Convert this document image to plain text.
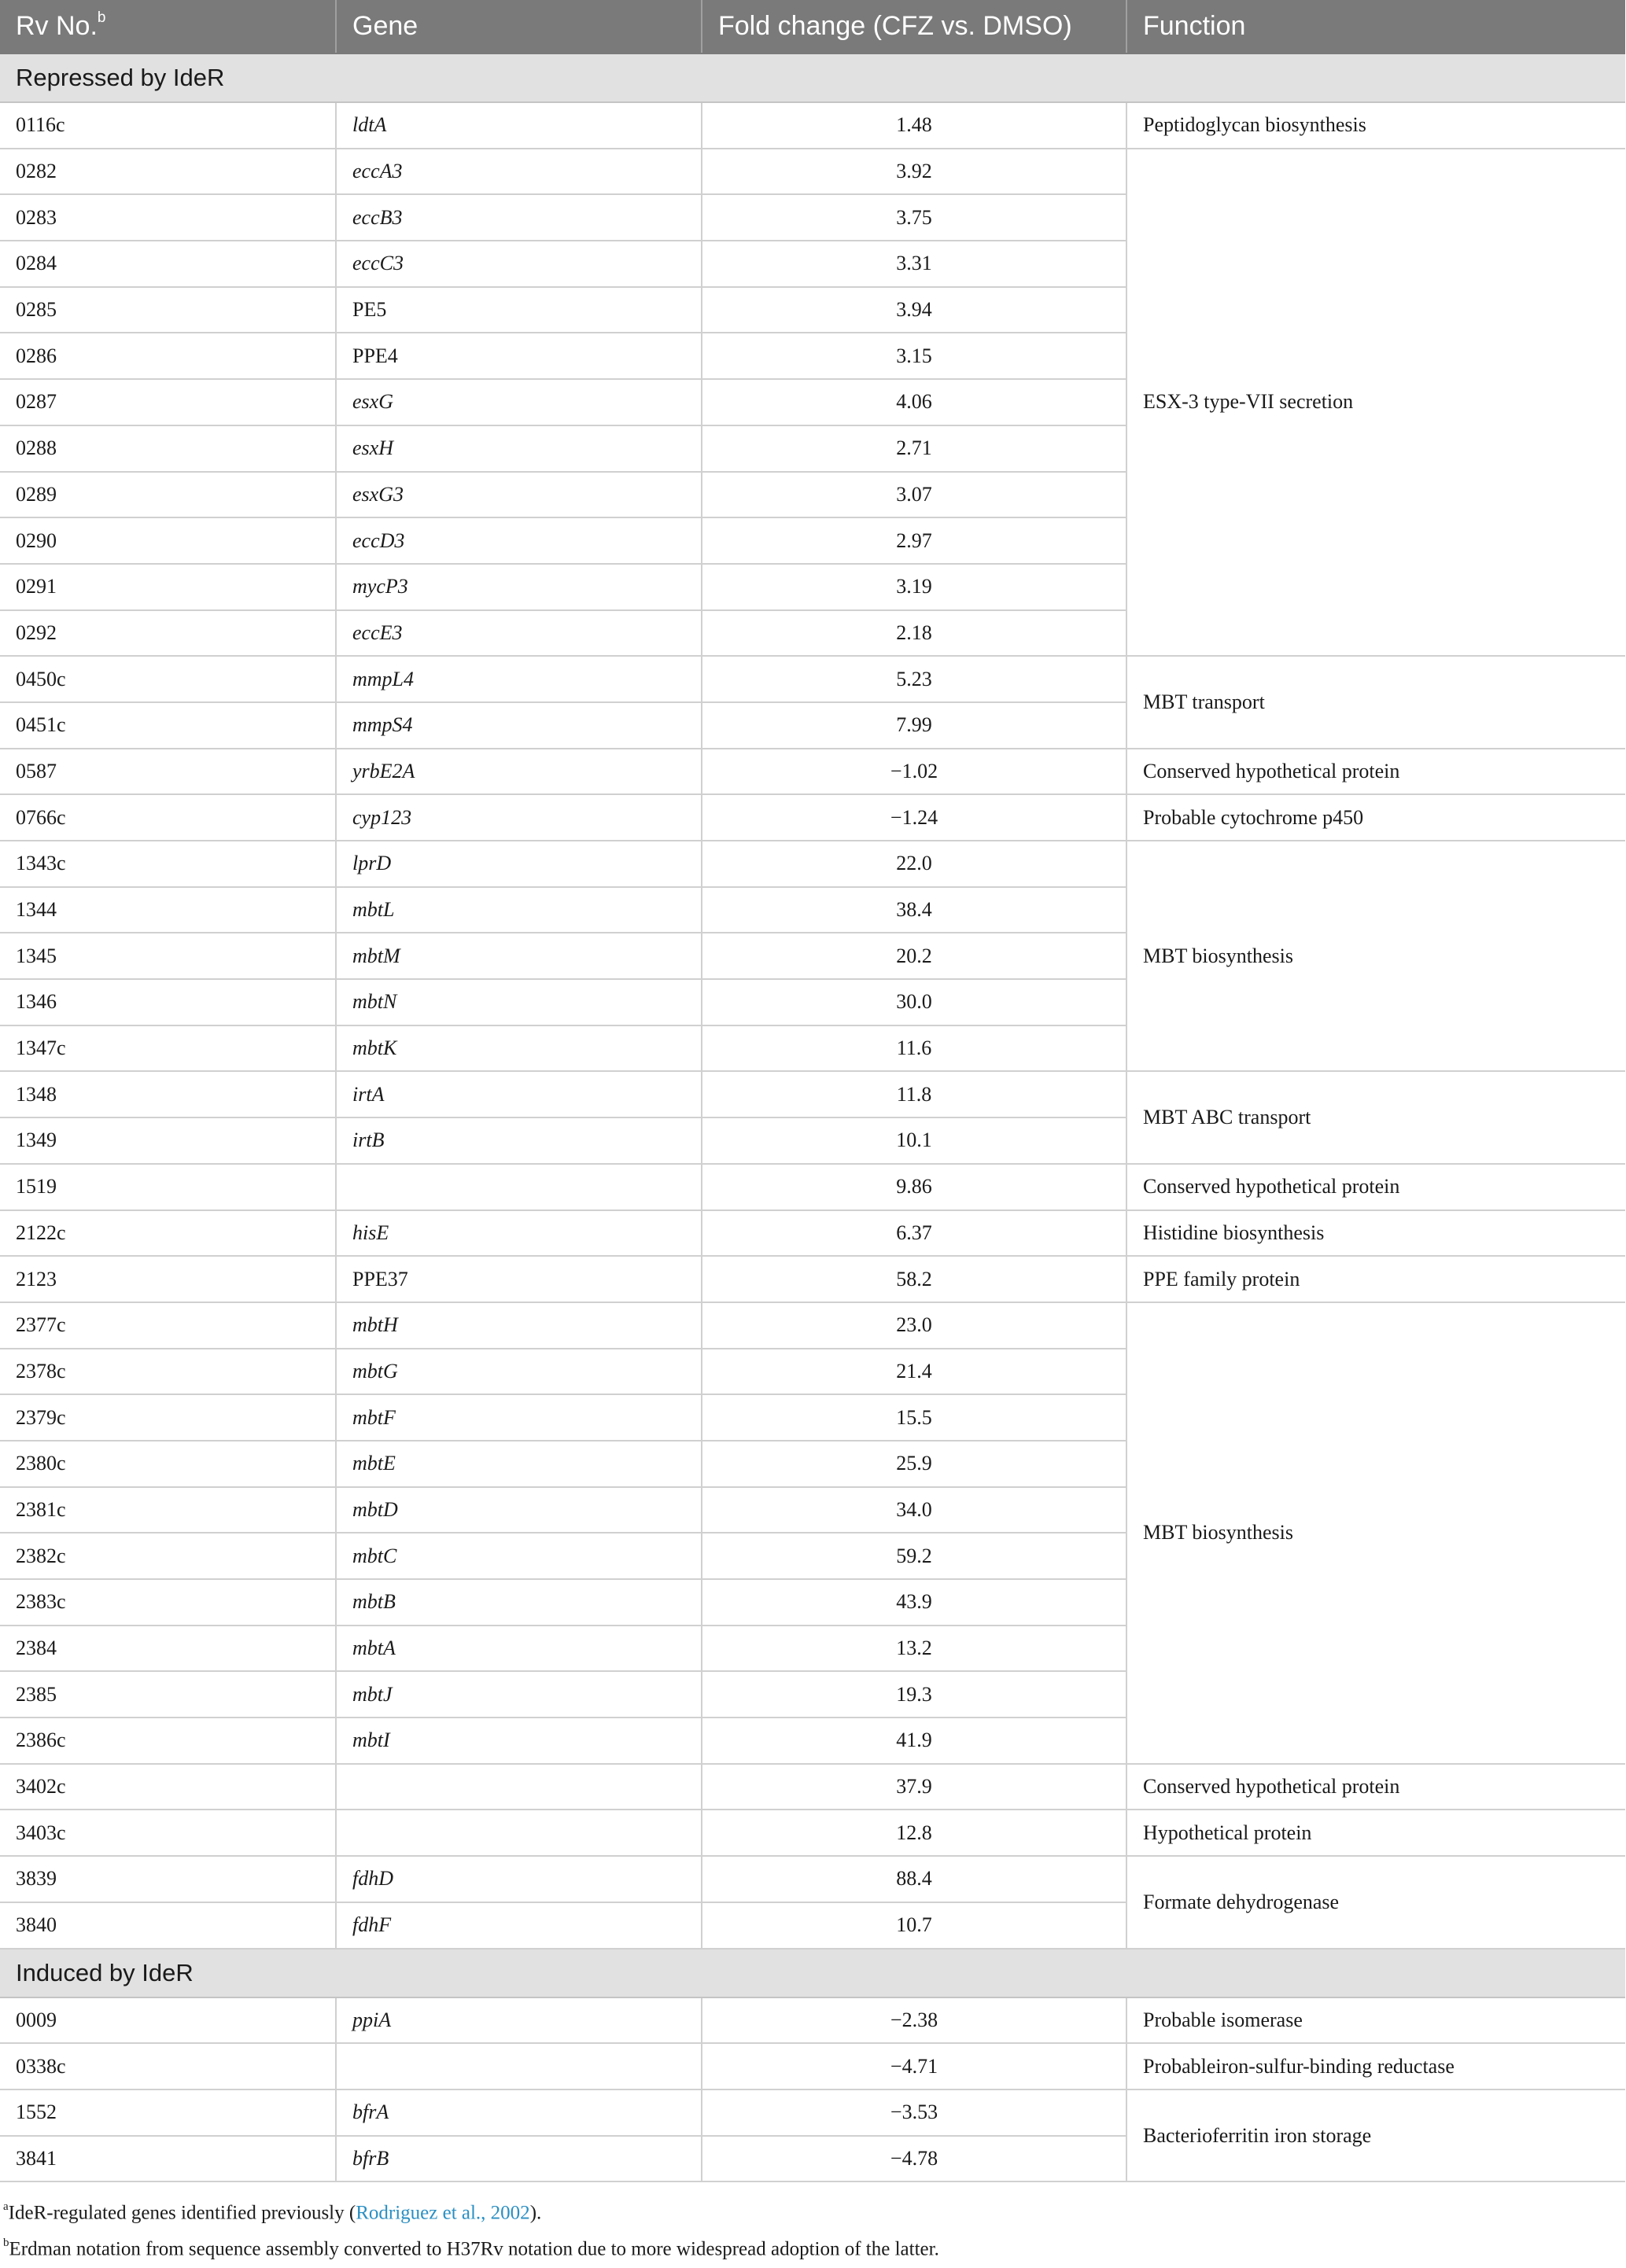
Rv No.$^b$	Gene	Fold change (CFZ vs. DMSO)	Function
Repressed by IdeR			
0116c	ldtA	1.48	Peptidoglycan biosynthesis
0282	eccA3	3.92	ESX-3 type-VII secretion
0283	eccB3	3.75	
0284	eccC3	3.31	
0285	PE5	3.94	
0286	PPE4	3.15	
0287	esxG	4.06	
0288	esxH	2.71	
0289	esxG3	3.07	
0290	eccD3	2.97	
0291	mycP3	3.19	
0292	eccE3	2.18	
0450c	mmpL4	5.23	MBT transport
0451c	mmpS4	7.99	
0587	yrbE2A	−1.02	Conserved hypothetical protein
0766c	cyp123	−1.24	Probable cytochrome p450
1343c	lprD	22.0	MBT biosynthesis
1344	mbtL	38.4	
1345	mbtM	20.2	
1346	mbtN	30.0	
1347c	mbtK	11.6	
1348	irtA	11.8	MBT ABC transport
1349	irtB	10.1	
1519		9.86	Conserved hypothetical protein
2122c	hisE	6.37	Histidine biosynthesis
2123	PPE37	58.2	PPE family protein
2377c	mbtH	23.0	MBT biosynthesis
2378c	mbtG	21.4	
2379c	mbtF	15.5	
2380c	mbtE	25.9	
2381c	mbtD	34.0	
2382c	mbtC	59.2	
2383c	mbtB	43.9	
2384	mbtA	13.2	
2385	mbtJ	19.3	
2386c	mbtI	41.9	
3402c		37.9	Conserved hypothetical protein
3403c		12.8	Hypothetical protein
3839	fdhD	88.4	Formate dehydrogenase
3840	fdhF	10.7	
Induced by IdeR			
0009	ppiA	−2.38	Probable isomerase
0338c		−4.71	Probableiron-sulfur-binding reductase
1552	bfrA	−3.53	Bacterioferritin iron storage
3841	bfrB	−4.78	

$^a$IdeR-regulated genes identified previously (Rodriguez et al., 2002).

$^b$Erdman notation from sequence assembly converted to H37Rv notation due to more widespread adoption of the latter.
